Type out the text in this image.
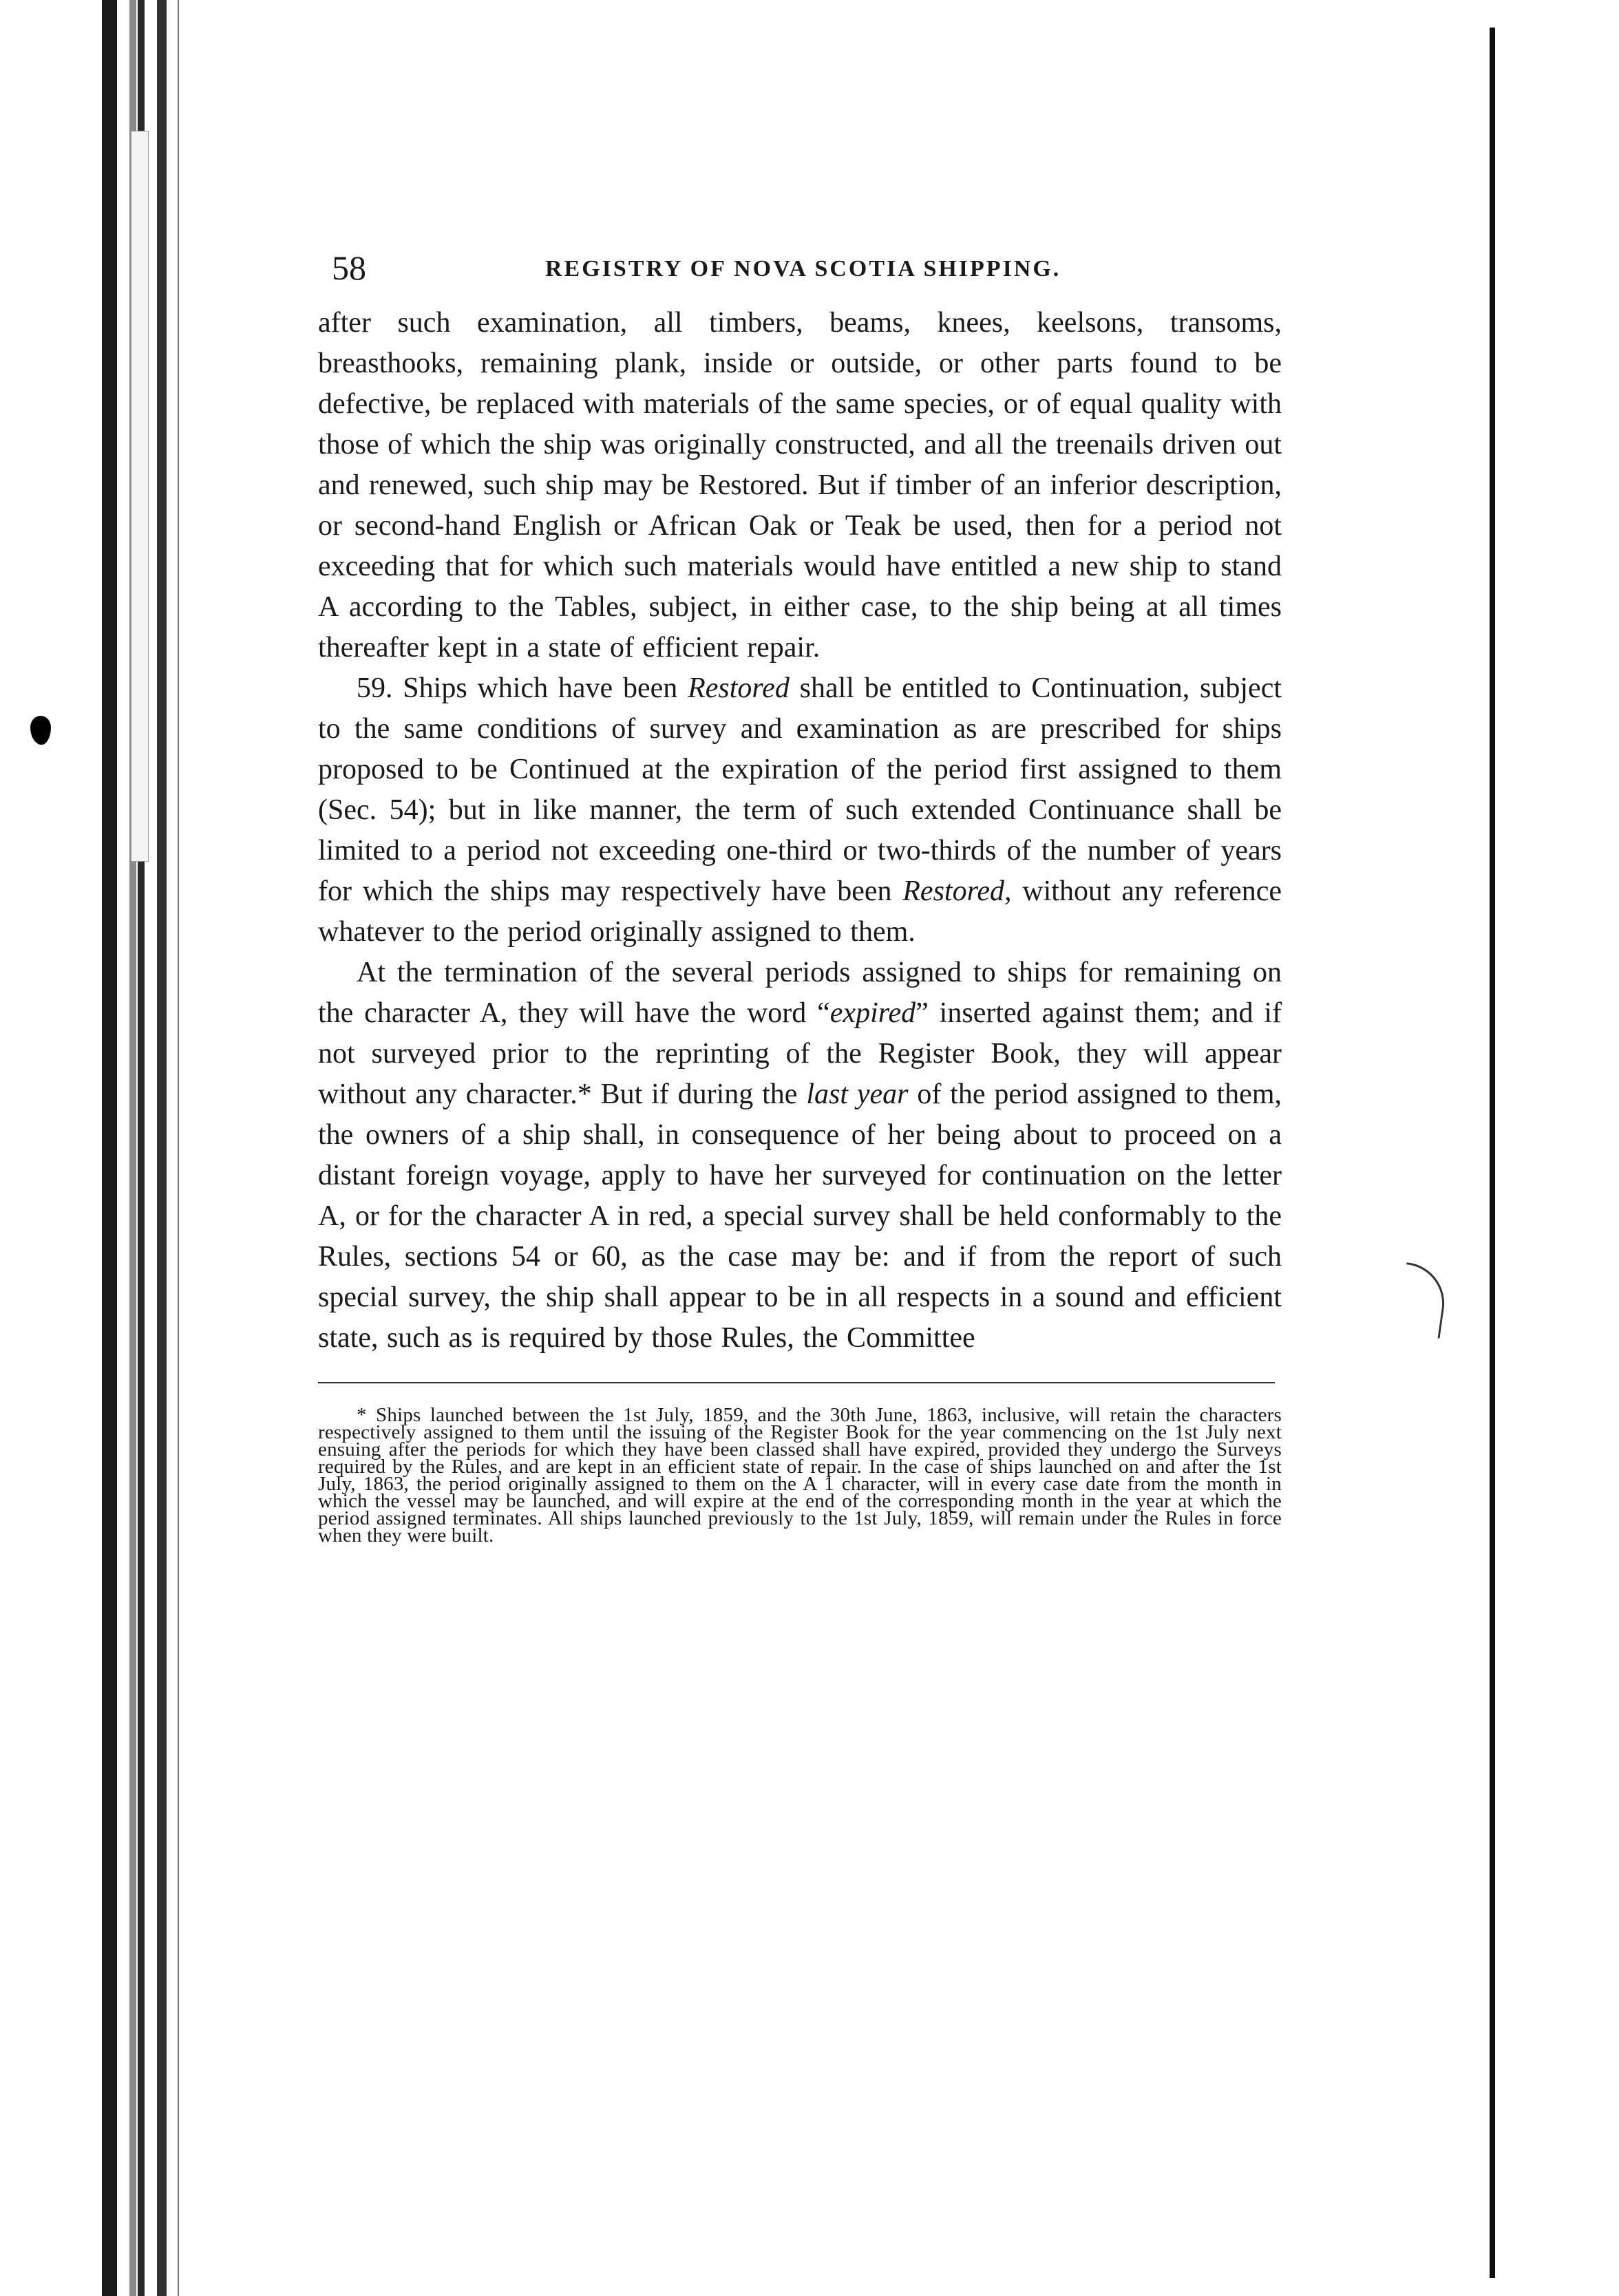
58	REGISTRY OF NOVA SCOTIA SHIPPING.

after such examination, all timbers, beams, knees, keelsons, transoms, breasthooks, remaining plank, inside or outside, or other parts found to be defective, be replaced with materials of the same species, or of equal quality with those of which the ship was originally constructed, and all the treenails driven out and renewed, such ship may be Restored. But if timber of an inferior description, or second-hand English or African Oak or Teak be used, then for a period not exceeding that for which such materials would have entitled a new ship to stand A according to the Tables, subject, in either case, to the ship being at all times thereafter kept in a state of efficient repair.

59. Ships which have been Restored shall be entitled to Continuation, subject to the same conditions of survey and examination as are prescribed for ships proposed to be Continued at the expiration of the period first assigned to them (Sec. 54); but in like manner, the term of such extended Continuance shall be limited to a period not exceeding one-third or two-thirds of the number of years for which the ships may respectively have been Restored, without any reference whatever to the period originally assigned to them.

At the termination of the several periods assigned to ships for remaining on the character A, they will have the word “expired” inserted against them; and if not surveyed prior to the reprinting of the Register Book, they will appear without any character.* But if during the last year of the period assigned to them, the owners of a ship shall, in consequence of her being about to proceed on a distant foreign voyage, apply to have her surveyed for continuation on the letter A, or for the character A in red, a special survey shall be held conformably to the Rules, sections 54 or 60, as the case may be: and if from the report of such special survey, the ship shall appear to be in all respects in a sound and efficient state, such as is required by those Rules, the Committee

* Ships launched between the 1st July, 1859, and the 30th June, 1863, inclusive, will retain the characters respectively assigned to them until the issuing of the Register Book for the year commencing on the 1st July next ensuing after the periods for which they have been classed shall have expired, provided they undergo the Surveys required by the Rules, and are kept in an efficient state of repair. In the case of ships launched on and after the 1st July, 1863, the period originally assigned to them on the A 1 character, will in every case date from the month in which the vessel may be launched, and will expire at the end of the corresponding month in the year at which the period assigned terminates. All ships launched previously to the 1st July, 1859, will remain under the Rules in force when they were built.
